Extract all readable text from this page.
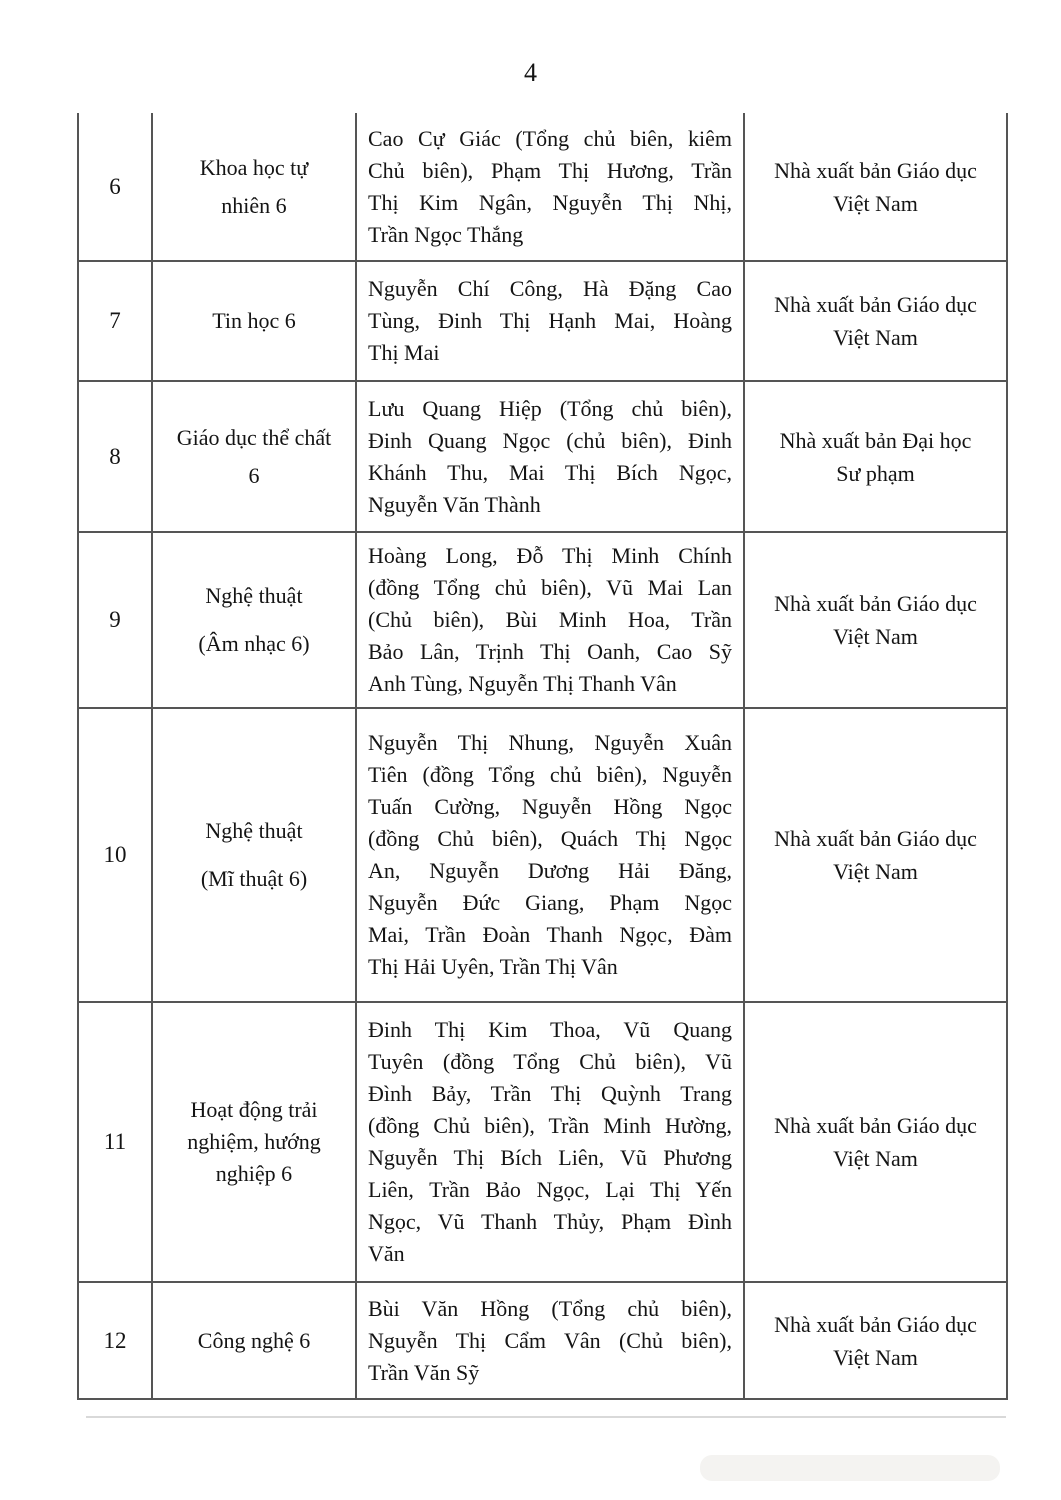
4
6
Khoa học tự
nhiên 6
Cao Cự Giác (Tổng chủ biên, kiêm
Chủ biên), Phạm Thị Hương, Trần
Thị Kim Ngân, Nguyễn Thị Nhị,
Trần Ngọc Thắng
Nhà xuất bản Giáo dục
Việt Nam
7	Tin học 6
Nguyễn Chí Công, Hà Đặng Cao
Tùng, Đinh Thị Hạnh Mai, Hoàng
Thị Mai
Nhà xuất bản Giáo dục
Việt Nam
8
Giáo dục thể chất
6
Lưu Quang Hiệp (Tổng chủ biên),
Đinh Quang Ngọc (chủ biên), Đinh
Khánh Thu, Mai Thị Bích Ngọc,
Nguyễn Văn Thành
Nhà xuất bản Đại học
Sư phạm
9
Nghệ thuật
(Âm nhạc 6)
Hoàng Long, Đỗ Thị Minh Chính
(đồng Tổng chủ biên), Vũ Mai Lan
(Chủ biên), Bùi Minh Hoa, Trần
Bảo Lân, Trịnh Thị Oanh, Cao Sỹ
Anh Tùng, Nguyễn Thị Thanh Vân
Nhà xuất bản Giáo dục
Việt Nam
10
Nghệ thuật
(Mĩ thuật 6)
Nguyễn Thị Nhung, Nguyễn Xuân
Tiên (đồng Tổng chủ biên), Nguyễn
Tuấn Cường, Nguyễn Hồng Ngọc
(đồng Chủ biên), Quách Thị Ngọc
An, Nguyễn Dương Hải Đăng,
Nguyễn Đức Giang, Phạm Ngọc
Mai, Trần Đoàn Thanh Ngọc, Đàm
Thị Hải Uyên, Trần Thị Vân
Nhà xuất bản Giáo dục
Việt Nam
11
Hoạt động trải
nghiệm, hướng
nghiệp 6
Đinh Thị Kim Thoa, Vũ Quang
Tuyên (đồng Tổng Chủ biên), Vũ
Đình Bảy, Trần Thị Quỳnh Trang
(đồng Chủ biên), Trần Minh Hường,
Nguyễn Thị Bích Liên, Vũ Phương
Liên, Trần Bảo Ngọc, Lại Thị Yến
Ngọc, Vũ Thanh Thủy, Phạm Đình
Văn
Nhà xuất bản Giáo dục
Việt Nam
12	Công nghệ 6
Bùi Văn Hồng (Tổng chủ biên),
Nguyễn Thị Cẩm Vân (Chủ biên),
Trần Văn Sỹ
Nhà xuất bản Giáo dục
Việt Nam
